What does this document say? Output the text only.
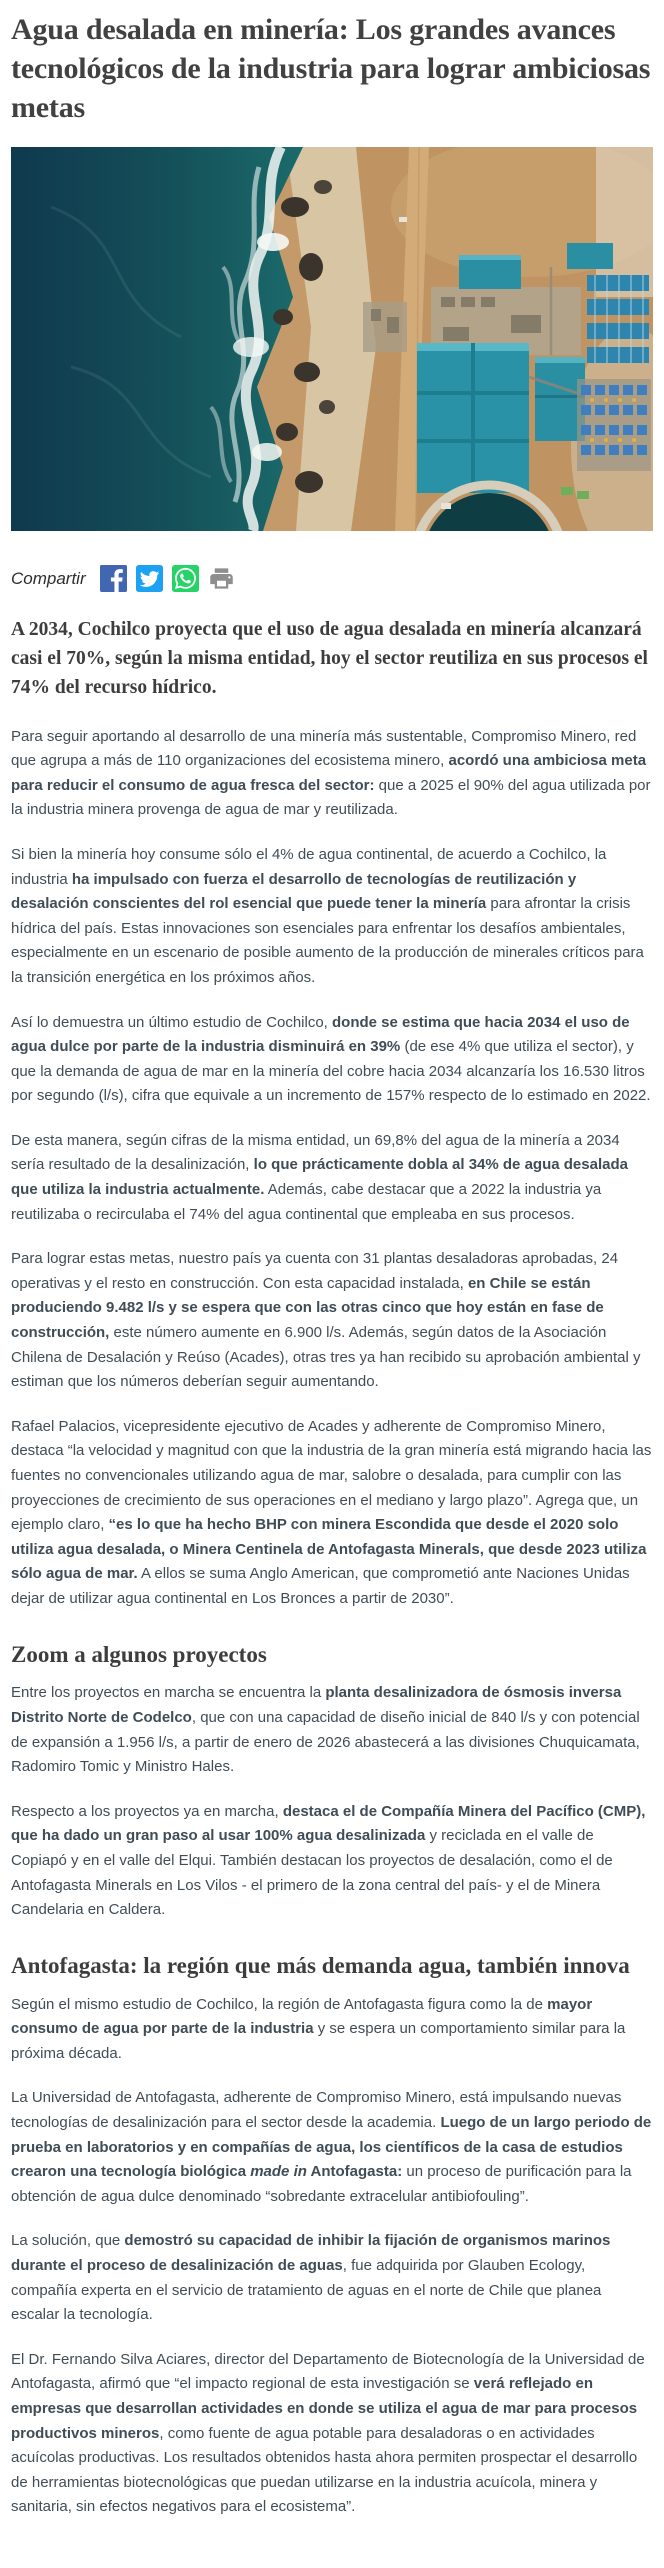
Agua desalada en minería: Los grandes avances tecnológicos de la industria para lograr ambiciosas metas
Compartir

A 2034, Cochilco proyecta que el uso de agua desalada en minería alcanzará casi el 70%, según la misma entidad, hoy el sector reutiliza en sus procesos el 74% del recurso hídrico.

Para seguir aportando al desarrollo de una minería más sustentable, Compromiso Minero, red que agrupa a más de 110 organizaciones del ecosistema minero, acordó una ambiciosa meta para reducir el consumo de agua fresca del sector: que a 2025 el 90% del agua utilizada por la industria minera provenga de agua de mar y reutilizada.

Si bien la minería hoy consume sólo el 4% de agua continental, de acuerdo a Cochilco, la industria ha impulsado con fuerza el desarrollo de tecnologías de reutilización y desalación conscientes del rol esencial que puede tener la minería para afrontar la crisis hídrica del país. Estas innovaciones son esenciales para enfrentar los desafíos ambientales, especialmente en un escenario de posible aumento de la producción de minerales críticos para la transición energética en los próximos años.

Así lo demuestra un último estudio de Cochilco, donde se estima que hacia 2034 el uso de agua dulce por parte de la industria disminuirá en 39% (de ese 4% que utiliza el sector), y que la demanda de agua de mar en la minería del cobre hacia 2034 alcanzaría los 16.530 litros por segundo (l/s), cifra que equivale a un incremento de 157% respecto de lo estimado en 2022.

De esta manera, según cifras de la misma entidad, un 69,8% del agua de la minería a 2034 sería resultado de la desalinización, lo que prácticamente dobla al 34% de agua desalada que utiliza la industria actualmente. Además, cabe destacar que a 2022 la industria ya reutilizaba o recirculaba el 74% del agua continental que empleaba en sus procesos.

Para lograr estas metas, nuestro país ya cuenta con 31 plantas desaladoras aprobadas, 24 operativas y el resto en construcción. Con esta capacidad instalada, en Chile se están produciendo 9.482 l/s y se espera que con las otras cinco que hoy están en fase de construcción, este número aumente en 6.900 l/s. Además, según datos de la Asociación Chilena de Desalación y Reúso (Acades), otras tres ya han recibido su aprobación ambiental y estiman que los números deberían seguir aumentando.

Rafael Palacios, vicepresidente ejecutivo de Acades y adherente de Compromiso Minero, destaca “la velocidad y magnitud con que la industria de la gran minería está migrando hacia las fuentes no convencionales utilizando agua de mar, salobre o desalada, para cumplir con las proyecciones de crecimiento de sus operaciones en el mediano y largo plazo”. Agrega que, un ejemplo claro, “es lo que ha hecho BHP con minera Escondida que desde el 2020 solo utiliza agua desalada, o Minera Centinela de Antofagasta Minerals, que desde 2023 utiliza sólo agua de mar. A ellos se suma Anglo American, que comprometió ante Naciones Unidas dejar de utilizar agua continental en Los Bronces a partir de 2030”.

Zoom a algunos proyectos

Entre los proyectos en marcha se encuentra la planta desalinizadora de ósmosis inversa Distrito Norte de Codelco, que con una capacidad de diseño inicial de 840 l/s y con potencial de expansión a 1.956 l/s, a partir de enero de 2026 abastecerá a las divisiones Chuquicamata, Radomiro Tomic y Ministro Hales.

Respecto a los proyectos ya en marcha, destaca el de Compañía Minera del Pacífico (CMP), que ha dado un gran paso al usar 100% agua desalinizada y reciclada en el valle de Copiapó y en el valle del Elqui. También destacan los proyectos de desalación, como el de Antofagasta Minerals en Los Vilos - el primero de la zona central del país- y el de Minera Candelaria en Caldera.

Antofagasta: la región que más demanda agua, también innova

Según el mismo estudio de Cochilco, la región de Antofagasta figura como la de mayor consumo de agua por parte de la industria y se espera un comportamiento similar para la próxima década.

La Universidad de Antofagasta, adherente de Compromiso Minero, está impulsando nuevas tecnologías de desalinización para el sector desde la academia. Luego de un largo periodo de prueba en laboratorios y en compañías de agua, los científicos de la casa de estudios crearon una tecnología biológica made in Antofagasta: un proceso de purificación para la obtención de agua dulce denominado “sobredante extracelular antibiofouling”.

La solución, que demostró su capacidad de inhibir la fijación de organismos marinos durante el proceso de desalinización de aguas, fue adquirida por Glauben Ecology, compañía experta en el servicio de tratamiento de aguas en el norte de Chile que planea escalar la tecnología.

El Dr. Fernando Silva Aciares, director del Departamento de Biotecnología de la Universidad de Antofagasta, afirmó que “el impacto regional de esta investigación se verá reflejado en empresas que desarrollan actividades en donde se utiliza el agua de mar para procesos productivos mineros, como fuente de agua potable para desaladoras o en actividades acuícolas productivas. Los resultados obtenidos hasta ahora permiten prospectar el desarrollo de herramientas biotecnológicas que puedan utilizarse en la industria acuícola, minera y sanitaria, sin efectos negativos para el ecosistema”.
